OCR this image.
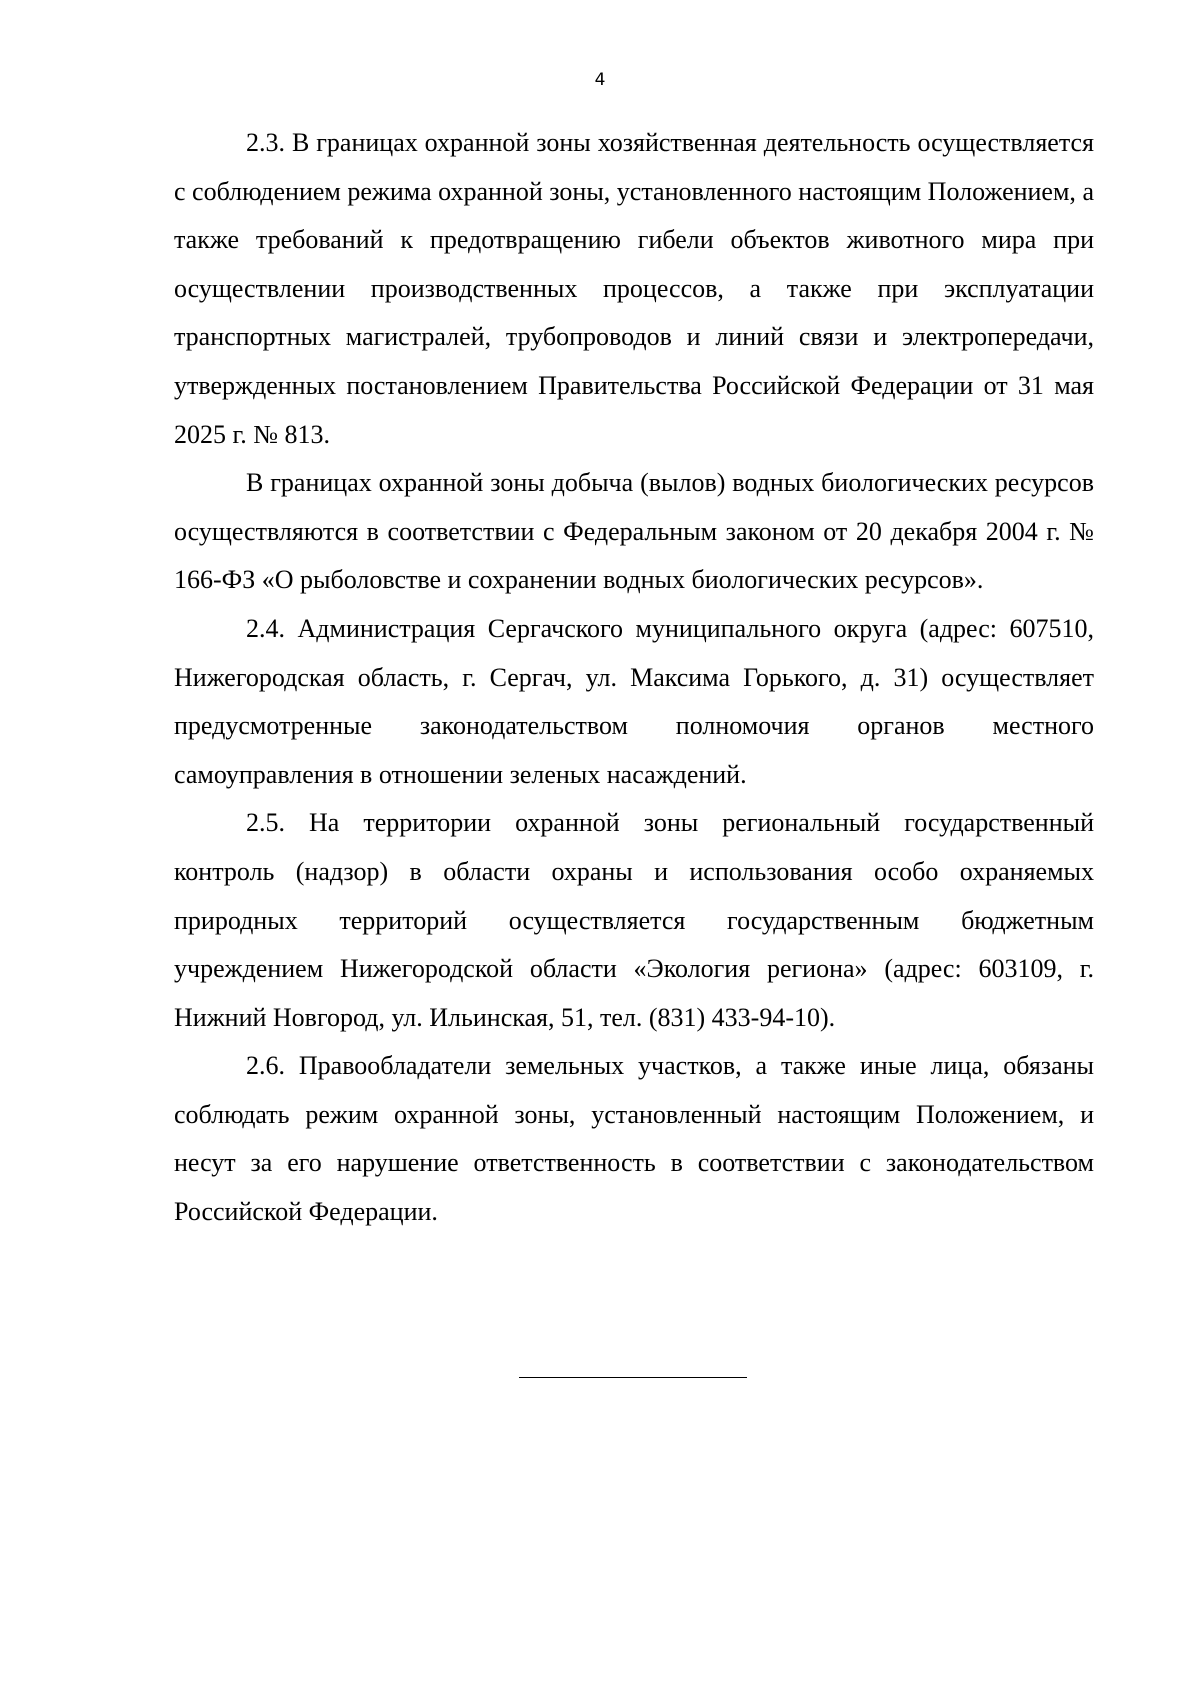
4

2.3. В границах охранной зоны хозяйственная деятельность осуществляется с соблюдением режима охранной зоны, установленного настоящим Положением, а также требований к предотвращению гибели объектов животного мира при осуществлении производственных процессов, а также при эксплуатации транспортных магистралей, трубопроводов и линий связи и электропередачи, утвержденных постановлением Правительства Российской Федерации от 31 мая 2025 г. № 813.

В границах охранной зоны добыча (вылов) водных биологических ресурсов осуществляются в соответствии с Федеральным законом от 20 декабря 2004 г. № 166-ФЗ «О рыболовстве и сохранении водных биологических ресурсов».

2.4. Администрация Сергачского муниципального округа (адрес: 607510, Нижегородская область, г. Сергач, ул. Максима Горького, д. 31) осуществляет предусмотренные законодательством полномочия органов местного самоуправления в отношении зеленых насаждений.

2.5. На территории охранной зоны региональный государственный контроль (надзор) в области охраны и использования особо охраняемых природных территорий осуществляется государственным бюджетным учреждением Нижегородской области «Экология региона» (адрес: 603109, г. Нижний Новгород, ул. Ильинская, 51, тел. (831) 433-94-10).

2.6. Правообладатели земельных участков, а также иные лица, обязаны соблюдать режим охранной зоны, установленный настоящим Положением, и несут за его нарушение ответственность в соответствии с законодательством Российской Федерации.
